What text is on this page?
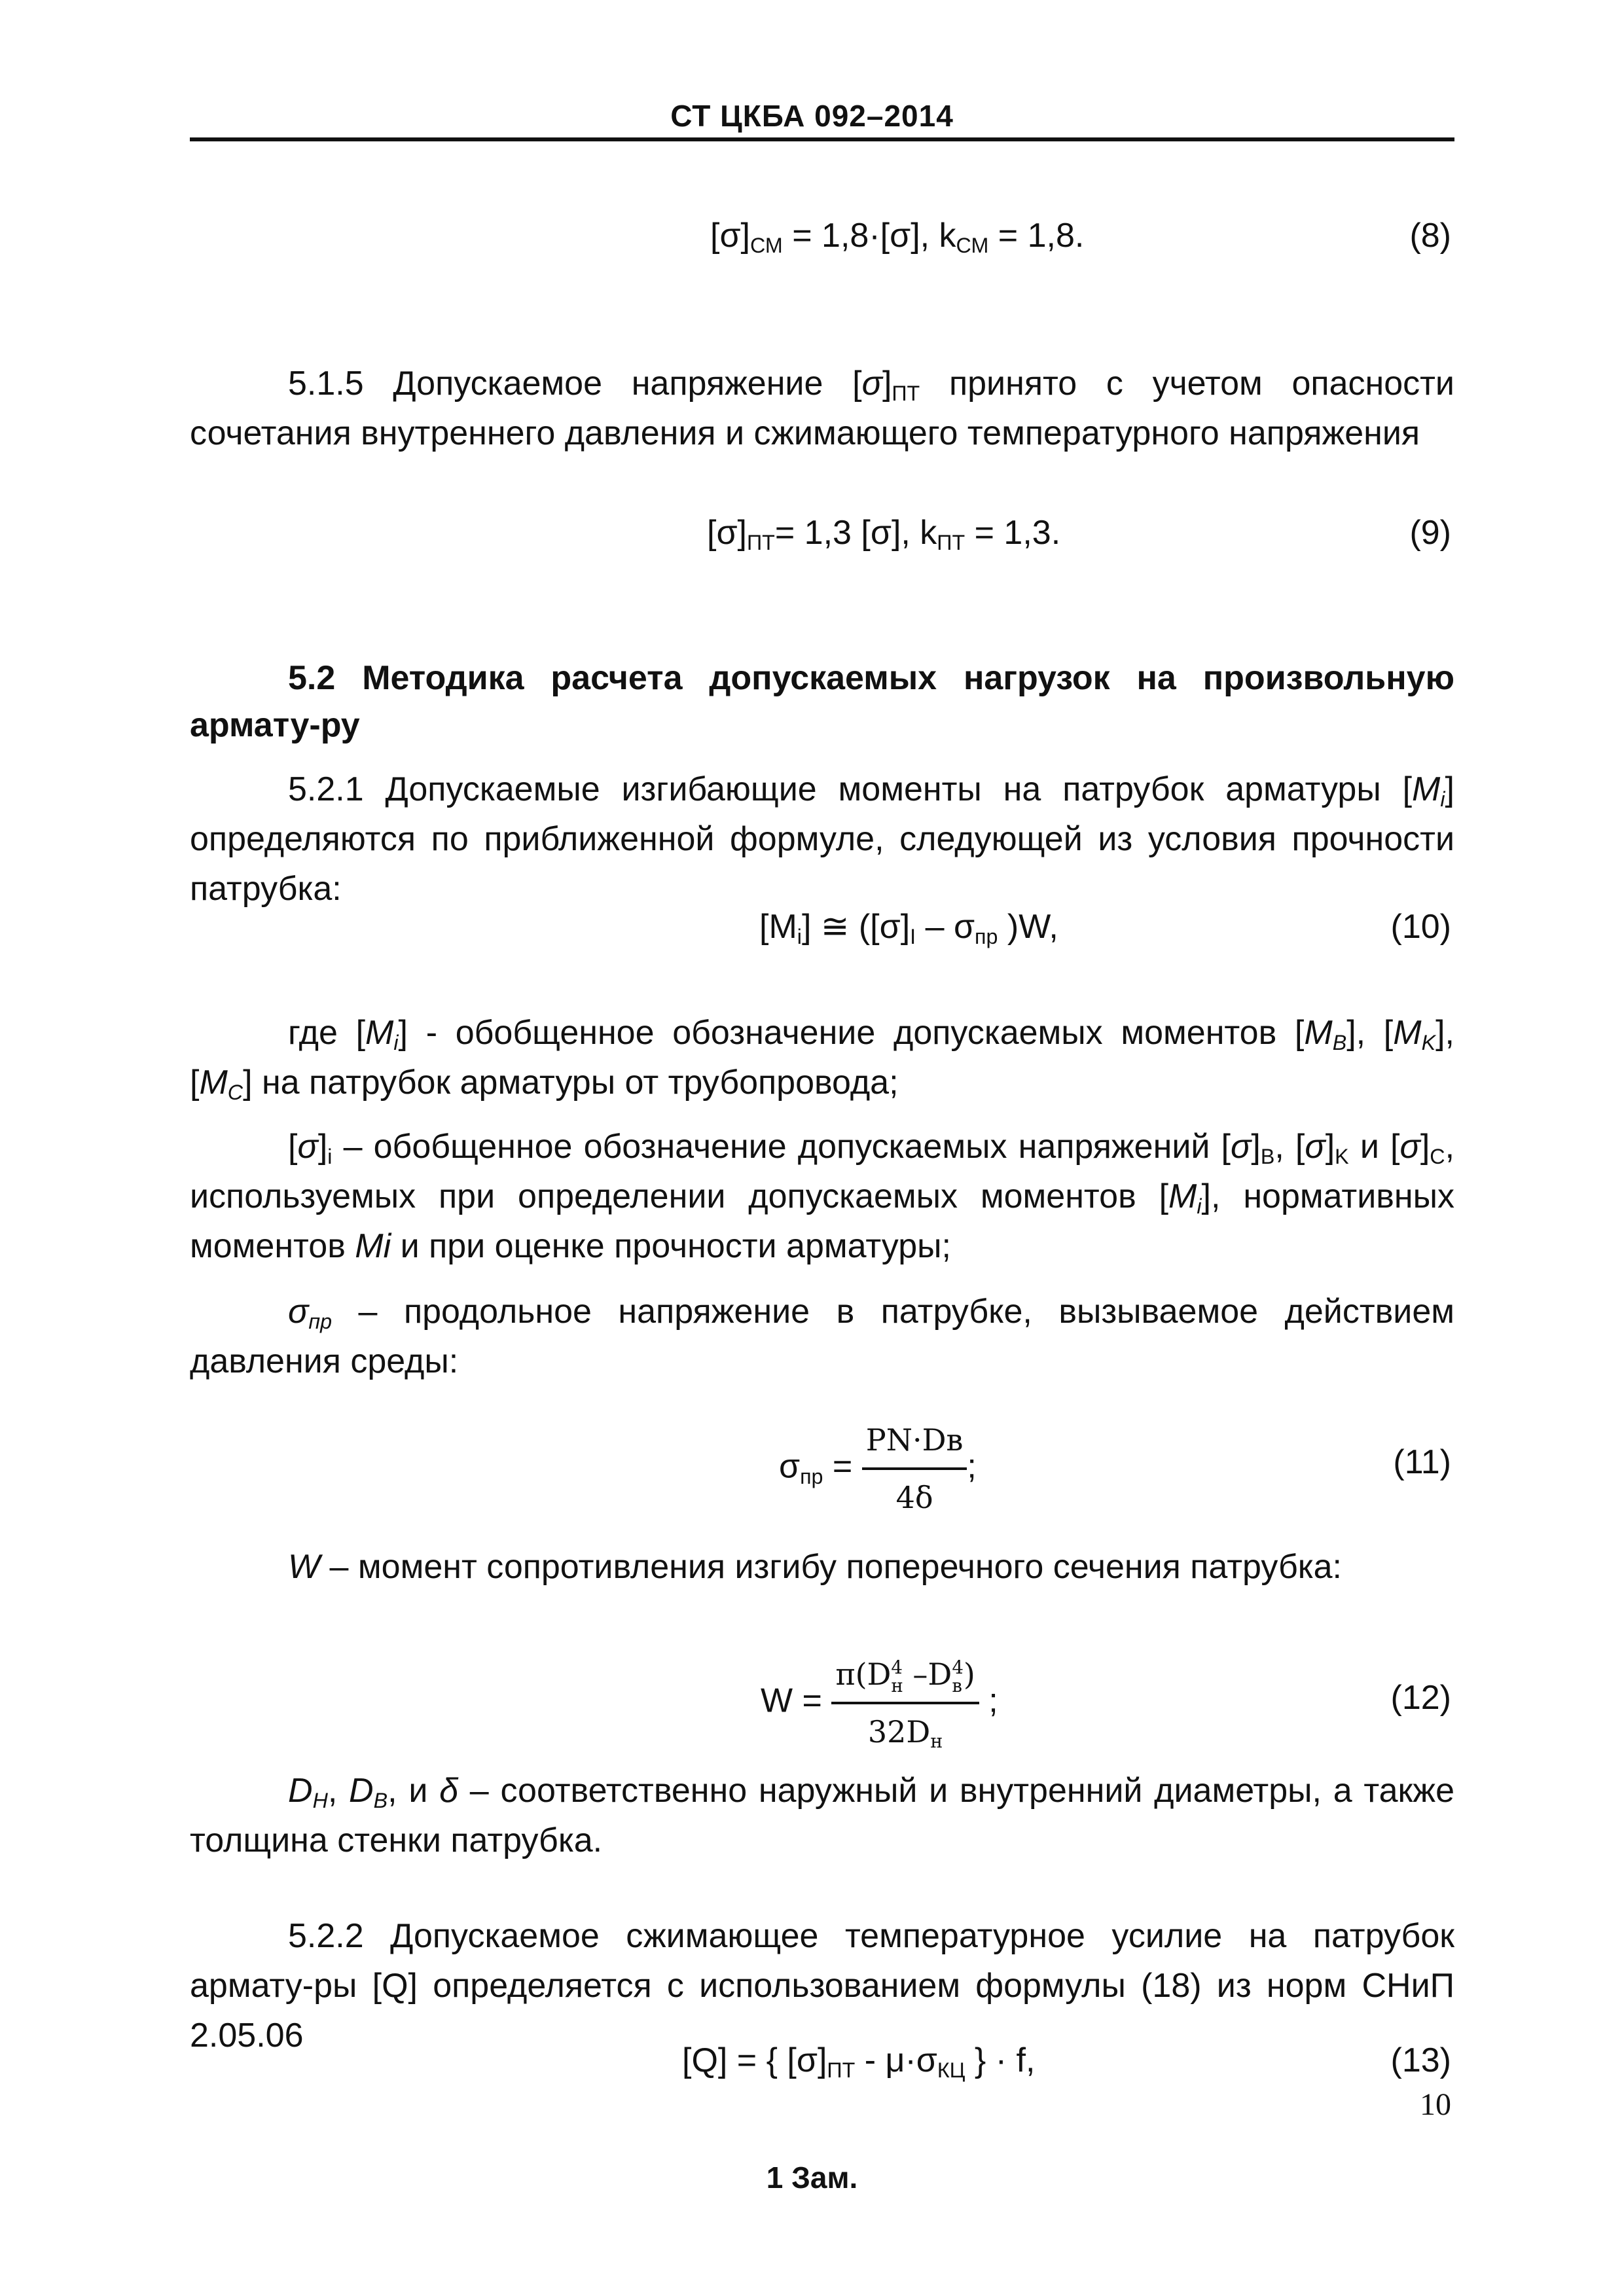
СТ ЦКБА 092–2014
$[\sigma]_{СМ} = 1,8\cdot[\sigma]$, $k_{СМ} = 1,8$.	(8)
5.1.5 Допускаемое напряжение $[\sigma]_{ПТ}$ принято с учетом опасности сочетания внутреннего давления и сжимающего температурного напряжения
$[\sigma]_{ПТ}= 1,3$ [σ], $k_{ПТ} = 1,3$.	(9)
5.2 Методика расчета допускаемых нагрузок на произвольную армату-ру
5.2.1 Допускаемые изгибающие моменты на патрубок арматуры $[M_i]$ определяются по приближенной формуле, следующей из условия прочности патрубка:
$[M_i]$ ≅ ($[\sigma]_I - \sigma_{пр}$ )W,	(10)
где $[M_i]$ - обобщенное обозначение допускаемых моментов $[M_B]$, $[M_K]$, $[M_C]$ на патрубок арматуры от трубопровода;
$[\sigma]_i$ – обобщенное обозначение допускаемых напряжений $[\sigma]_B$, $[\sigma]_K$ и $[\sigma]_C$, используемых при определении допускаемых моментов $[M_i]$, нормативных моментов Mi и при оценке прочности арматуры;
$\sigma_{пр}$ – продольное напряжение в патрубке, вызываемое действием давления среды:
$\sigma_{пр} = \frac{PN\cdot Dв}{4\delta}$ ;	(11)
W – момент сопротивления изгибу поперечного сечения патрубка:
W = π(D 4
н –D 4
в )
$32D_н$ ;	(12)
$D_H$, $D_B$, и δ – соответственно наружный и внутренний диаметры, а также толщина стенки патрубка.
5.2.2 Допускаемое сжимающее температурное усилие на патрубок армату-ры [Q] определяется с использованием формулы (18) из норм СНиП 2.05.06
[Q] = { $[\sigma]_{ПТ} - \mu\cdot\sigma_{КЦ}$ } · f,	(13)
10
1 Зам.
